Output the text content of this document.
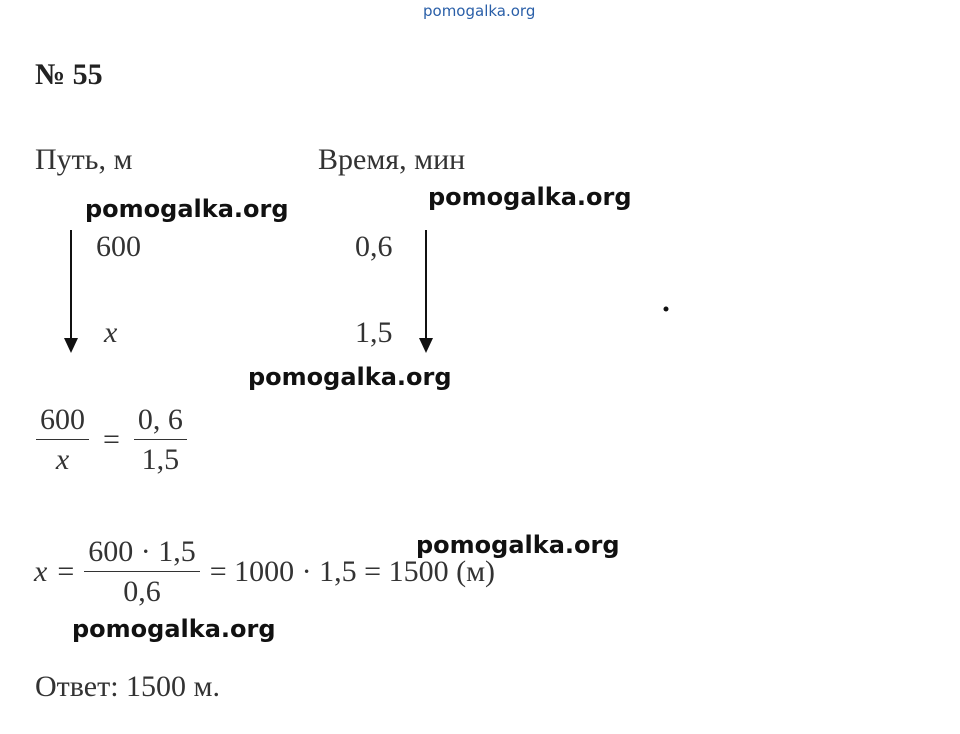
pomogalka.org
№ 55
Путь, м	Время, мин
600	0,6
x	1,5
$\frac{600}{x} = \frac{0, 6}{1,5}$
$x = \frac{600 \cdot 1,5}{0,6} = 1000 \cdot 1,5 = 1500$ (м)
Ответ: 1500 м.
pomogalka.org	pomogalka.org
pomogalka.org
pomogalka.org
pomogalka.org
